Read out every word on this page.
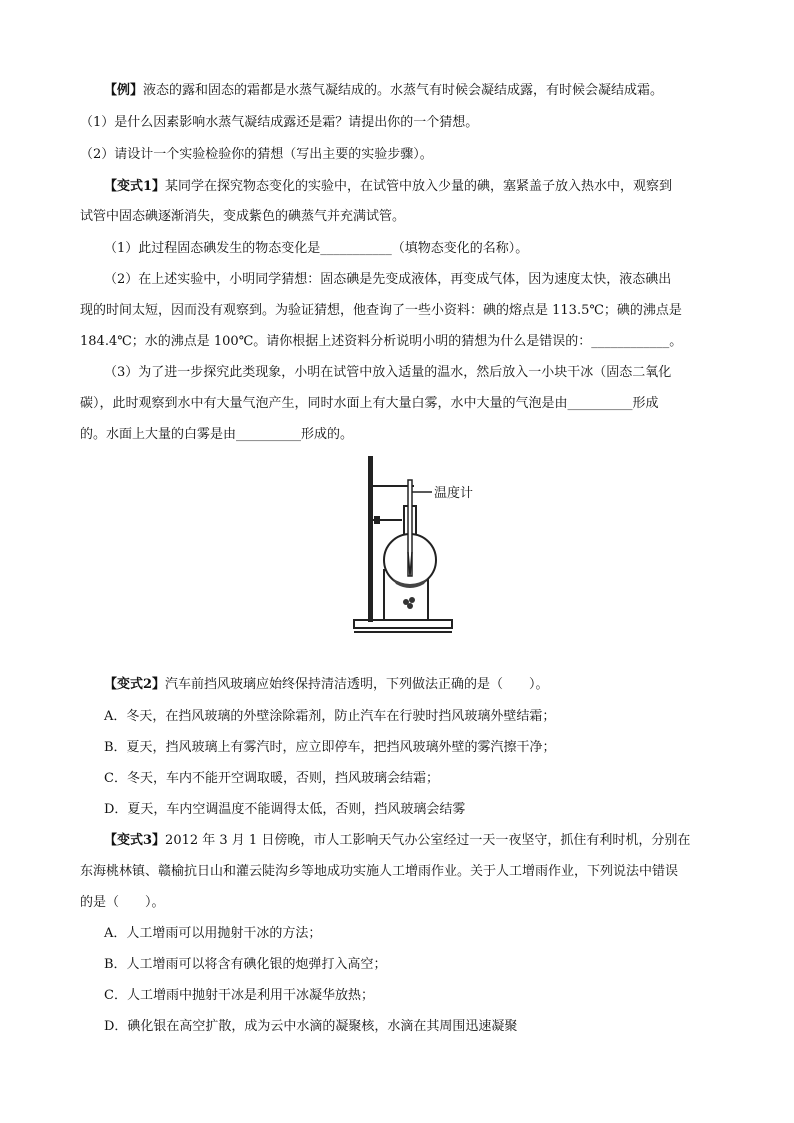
【例】液态的露和固态的霜都是水蒸气凝结成的。水蒸气有时候会凝结成露，有时候会凝结成霜。
（1）是什么因素影响水蒸气凝结成露还是霜？请提出你的一个猜想。
（2）请设计一个实验检验你的猜想（写出主要的实验步骤）。
【变式1】某同学在探究物态变化的实验中，在试管中放入少量的碘，塞紧盖子放入热水中，观察到
试管中固态碘逐渐消失，变成紫色的碘蒸气并充满试管。
（1）此过程固态碘发生的物态变化是___________（填物态变化的名称）。
（2）在上述实验中，小明同学猜想：固态碘是先变成液体，再变成气体，因为速度太快，液态碘出
现的时间太短，因而没有观察到。为验证猜想，他查询了一些小资料：碘的熔点是 113.5℃；碘的沸点是
184.4℃；水的沸点是 100℃。请你根据上述资料分析说明小明的猜想为什么是错误的：____________。
（3）为了进一步探究此类现象，小明在试管中放入适量的温水，然后放入一小块干冰（固态二氧化
碳），此时观察到水中有大量气泡产生，同时水面上有大量白雾，水中大量的气泡是由__________形成
的。水面上大量的白雾是由__________形成的。
温度计
【变式2】汽车前挡风玻璃应始终保持清洁透明，下列做法正确的是（　　）。
A．冬天，在挡风玻璃的外壁涂除霜剂，防止汽车在行驶时挡风玻璃外壁结霜；
B．夏天，挡风玻璃上有雾汽时，应立即停车，把挡风玻璃外壁的雾汽擦干净；
C．冬天，车内不能开空调取暖，否则，挡风玻璃会结霜；
D．夏天，车内空调温度不能调得太低，否则，挡风玻璃会结雾
【变式3】2012 年 3 月 1 日傍晚，市人工影响天气办公室经过一天一夜坚守，抓住有利时机，分别在
东海桃林镇、赣榆抗日山和灌云陡沟乡等地成功实施人工增雨作业。关于人工增雨作业，下列说法中错误
的是（　　）。
A．人工增雨可以用抛射干冰的方法；
B．人工增雨可以将含有碘化银的炮弹打入高空；
C．人工增雨中抛射干冰是利用干冰凝华放热；
D．碘化银在高空扩散，成为云中水滴的凝聚核，水滴在其周围迅速凝聚
